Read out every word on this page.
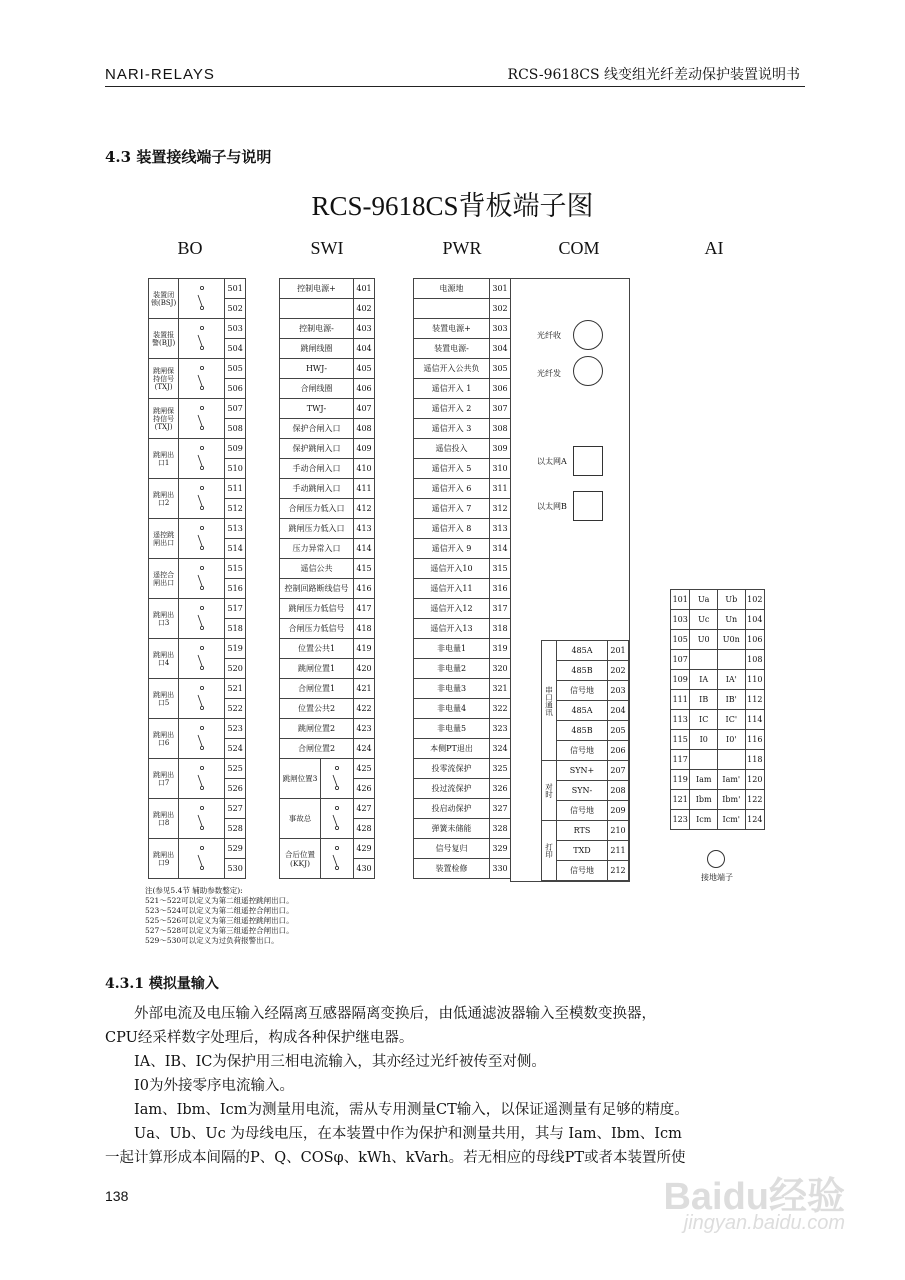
NARI-RELAYS	RCS-9618CS 线变组光纤差动保护装置说明书
4.3 装置接线端子与说明
RCS-9618CS背板端子图
BO	SWI	PWR	COM	AI
装置闭锁(BSJ)		501
		502
装置报警(BJJ)		503
		504
跳闸保持信号(TXJ)		505
		506
跳闸保持信号(TXJ)		507
		508
跳闸出口1		509
		510
跳闸出口2		511
		512
遥控跳闸出口		513
		514
遥控合闸出口		515
		516
跳闸出口3		517
		518
跳闸出口4		519
		520
跳闸出口5		521
		522
跳闸出口6		523
		524
跳闸出口7		525
		526
跳闸出口8		527
		528
跳闸出口9		529
		530
控制电源+		401
		402
控制电源-		403
跳闸线圈		404
HWJ-		405
合闸线圈		406
TWJ-		407
保护合闸入口		408
保护跳闸入口		409
手动合闸入口		410
手动跳闸入口		411
合闸压力低入口		412
跳闸压力低入口		413
压力异常入口		414
遥信公共		415
控制回路断线信号		416
跳闸压力低信号		417
合闸压力低信号		418
位置公共1		419
跳闸位置1		420
合闸位置1		421
位置公共2		422
跳闸位置2		423
合闸位置2		424
跳闸位置3		425
		426
事故总		427
		428
合后位置(KKJ)		429
		430
电源地	301
	302
装置电源+	303
装置电源-	304
遥信开入公共负	305
遥信开入 1	306
遥信开入 2	307
遥信开入 3	308
遥信投入	309
遥信开入 5	310
遥信开入 6	311
遥信开入 7	312
遥信开入 8	313
遥信开入 9	314
遥信开入10	315
遥信开入11	316
遥信开入12	317
遥信开入13	318
非电量1	319
非电量2	320
非电量3	321
非电量4	322
非电量5	323
本侧PT退出	324
投零流保护	325
投过流保护	326
投启动保护	327
弹簧未储能	328
信号复归	329
装置检修	330
光纤收
光纤发
以太网A
以太网B
串口通讯	485A	201
	485B	202
	信号地	203
	485A	204
	485B	205
	信号地	206
对时	SYN+	207
	SYN-	208
	信号地	209
打印	RTS	210
	TXD	211
	信号地	212
101	Ua	Ub	102
103	Uc	Un	104
105	U0	U0n	106
107			108
109	IA	IA'	110
111	IB	IB'	112
113	IC	IC'	114
115	I0	I0'	116
117			118
119	Iam	Iam'	120
121	Ibm	Ibm'	122
123	Icm	Icm'	124
接地端子
注(参见5.4节 辅助参数整定):
521～522可以定义为第二组遥控跳闸出口。
523～524可以定义为第二组遥控合闸出口。
525～526可以定义为第三组遥控跳闸出口。
527～528可以定义为第三组遥控合闸出口。
529～530可以定义为过负荷报警出口。
4.3.1 模拟量输入
外部电流及电压输入经隔离互感器隔离变换后，由低通滤波器输入至模数变换器，
CPU经采样数字处理后，构成各种保护继电器。
IA、IB、IC为保护用三相电流输入，其亦经过光纤被传至对侧。
I0为外接零序电流输入。
Iam、Ibm、Icm为测量用电流，需从专用测量CT输入，以保证遥测量有足够的精度。
Ua、Ub、Uc 为母线电压，在本装置中作为保护和测量共用，其与 Iam、Ibm、Icm
一起计算形成本间隔的P、Q、COSφ、kWh、kVarh。若无相应的母线PT或者本装置所使
138	Baidu经验
jingyan.baidu.com
